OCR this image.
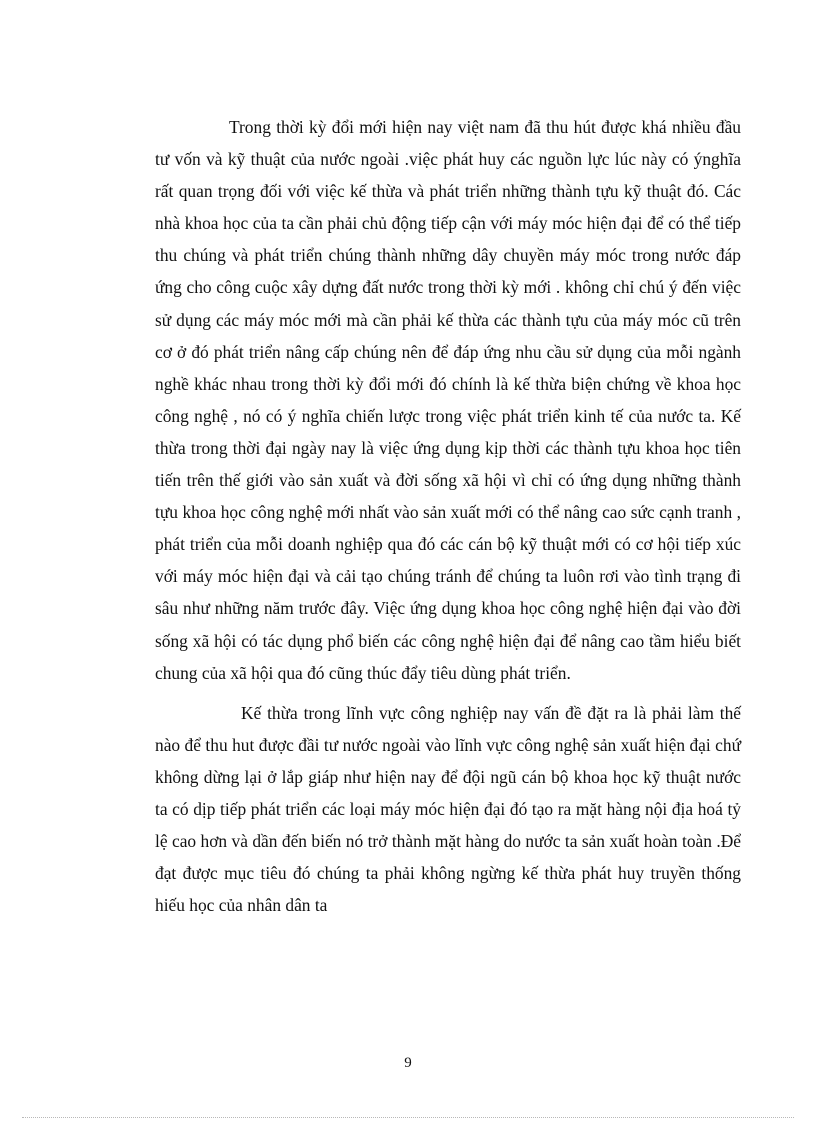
Trong thời kỳ đổi mới hiện nay việt nam đã thu hút được khá nhiều đầu tư vốn và kỹ thuật của nước ngoài .việc phát huy các nguồn lực lúc này có ýnghĩa rất quan trọng đối với việc kế thừa và phát triển những thành tựu kỹ thuật đó. Các nhà khoa học của ta cần phải chủ động tiếp cận với máy móc hiện đại để có thể tiếp thu chúng và phát triển chúng thành những dây chuyền máy móc trong nước đáp ứng cho công cuộc xây dựng đất nước trong thời kỳ mới . không chỉ chú ý đến việc sử dụng các máy móc mới mà cần phải kế thừa các thành tựu của máy móc cũ trên cơ ở đó phát triển nâng cấp chúng nên để đáp ứng nhu cầu sử dụng của mỗi ngành nghề khác nhau trong thời kỳ đổi mới đó chính là kế thừa biện chứng về khoa học công nghệ , nó có ý nghĩa chiến lược trong việc phát triển kinh tế của nước ta. Kế thừa trong thời đại ngày nay là việc ứng dụng kịp thời các thành tựu khoa học tiên tiến trên thế giới vào sản xuất và đời sống xã hội vì chỉ có ứng dụng những thành tựu khoa học công nghệ mới nhất vào sản xuất mới có thể nâng cao sức cạnh tranh , phát triển của mỗi doanh nghiệp qua đó các cán bộ kỹ thuật mới có cơ hội tiếp xúc với máy móc hiện đại và cải tạo chúng tránh để chúng ta luôn rơi vào tình trạng đi sâu như những năm trước đây. Việc ứng dụng khoa học công nghệ hiện đại vào đời sống xã hội có tác dụng phổ biến các công nghệ hiện đại để nâng cao tầm hiểu biết chung của xã hội qua đó cũng thúc đẩy tiêu dùng phát triển.

Kế thừa trong lĩnh vực công nghiệp nay vấn đề đặt ra là phải làm thế nào để thu hut được đầi tư nước ngoài vào lĩnh vực công nghệ sản xuất hiện đại chứ không dừng lại ở lắp giáp như hiện nay để đội ngũ cán bộ khoa học kỹ thuật nước ta có dịp tiếp phát triển các loại máy móc hiện đại đó tạo ra mặt hàng nội địa hoá tỷ lệ cao hơn và dần đến biến nó trở thành mặt hàng do nước ta sản xuất hoàn toàn .Để đạt được mục tiêu đó chúng ta phải không ngừng kế thừa phát huy truyền thống hiếu học của nhân dân ta

9
